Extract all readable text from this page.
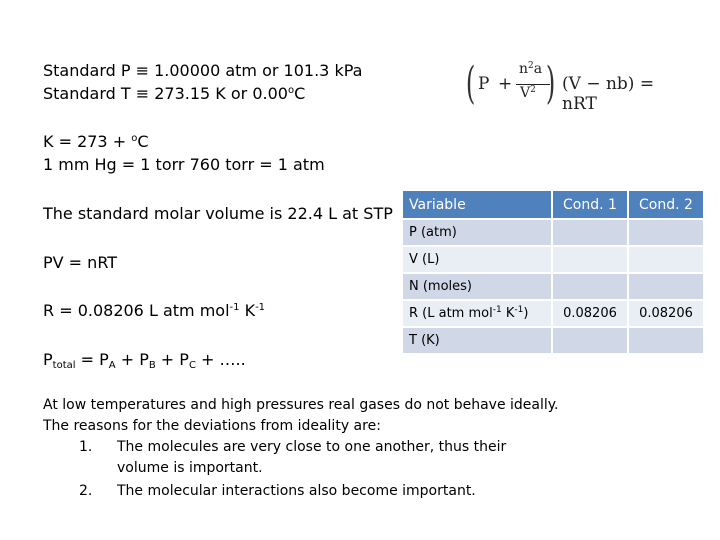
Standard P ≡ 1.00000 atm or 101.3 kPa
Standard T ≡ 273.15 K or 0.00$^o$C
K = 273 + $^o$C
1 mm Hg = 1 torr 760 torr = 1 atm
The standard molar volume is 22.4 L at STP
PV = nRT
R = 0.08206 L atm mol$^{-1}$ $K^{-1}$
$P_{total} = P_A + P_B + P_C$ + …..
( P +
$n^2a$
$V^2$ ) (V − nb) = nRT
Variable	Cond. 1	Cond. 2
P (atm)		
V (L)		
N (moles)		
R (L atm mol$^{-1}$ $K^{-1}$)	0.08206	0.08206
T (K)		
At low temperatures and high pressures real gases do not behave ideally.
The reasons for the deviations from ideality are:
1. The molecules are very close to one another, thus their
volume is important.
2. The molecular interactions also become important.
